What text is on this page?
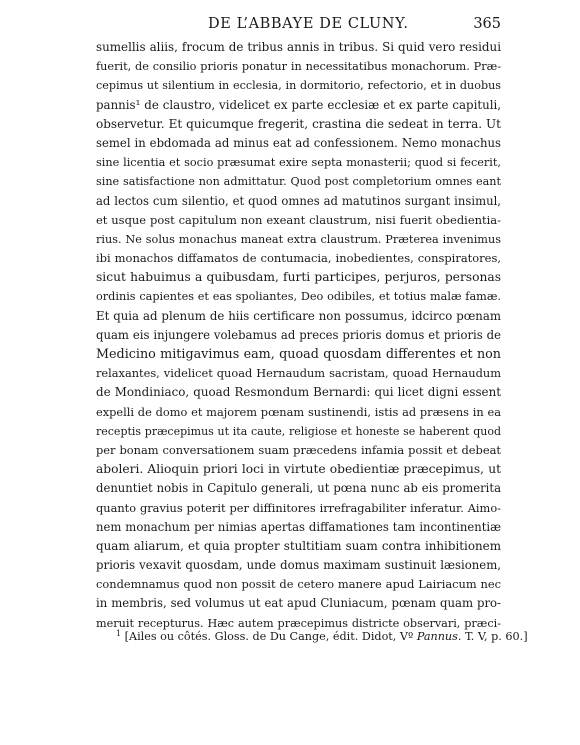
DE L’ABBAYE DE CLUNY.	365
sumellis aliis, frocum de tribus annis in tribus. Si quid vero residui
fuerit, de consilio prioris ponatur in necessitatibus monachorum. Præ-
cepimus ut silentium in ecclesia, in dormitorio, refectorio, et in duobus
pannis¹ de claustro, videlicet ex parte ecclesiæ et ex parte capituli,
observetur. Et quicumque fregerit, crastina die sedeat in terra. Ut
semel in ebdomada ad minus eat ad confessionem. Nemo monachus
sine licentia et socio præsumat exire septa monasterii; quod si fecerit,
sine satisfactione non admittatur. Quod post completorium omnes eant
ad lectos cum silentio, et quod omnes ad matutinos surgant insimul,
et usque post capitulum non exeant claustrum, nisi fuerit obedientia-
rius. Ne solus monachus maneat extra claustrum. Præterea invenimus
ibi monachos diffamatos de contumacia, inobedientes, conspiratores,
sicut habuimus a quibusdam, furti participes, perjuros, personas
ordinis capientes et eas spoliantes, Deo odibiles, et totius malæ famæ.
Et quia ad plenum de hiis certificare non possumus, idcirco pœnam
quam eis injungere volebamus ad preces prioris domus et prioris de
Medicino mitigavimus eam, quoad quosdam differentes et non
relaxantes, videlicet quoad Hernaudum sacristam, quoad Hernaudum
de Mondiniaco, quoad Resmondum Bernardi: qui licet digni essent
expelli de domo et majorem pœnam sustinendi, istis ad præsens in ea
receptis præcepimus ut ita caute, religiose et honeste se haberent quod
per bonam conversationem suam præcedens infamia possit et debeat
aboleri. Alioquin priori loci in virtute obedientiæ præcepimus, ut
denuntiet nobis in Capitulo generali, ut pœna nunc ab eis promerita
quanto gravius poterit per diffinitores irrefragabiliter inferatur. Aimo-
nem monachum per nimias apertas diffamationes tam incontinentiæ
quam aliarum, et quia propter stultitiam suam contra inhibitionem
prioris vexavit quosdam, unde domus maximam sustinuit læsionem,
condemnamus quod non possit de cetero manere apud Lairiacum nec
in membris, sed volumus ut eat apud Cluniacum, pœnam quam pro-
meruit recepturus. Hæc autem præcepimus districte observari, præci-
$^1$ [Ailes ou côtés. Gloss. de Du Cange, édit. Didot, Vº Pannus. T. V, p. 60.]
